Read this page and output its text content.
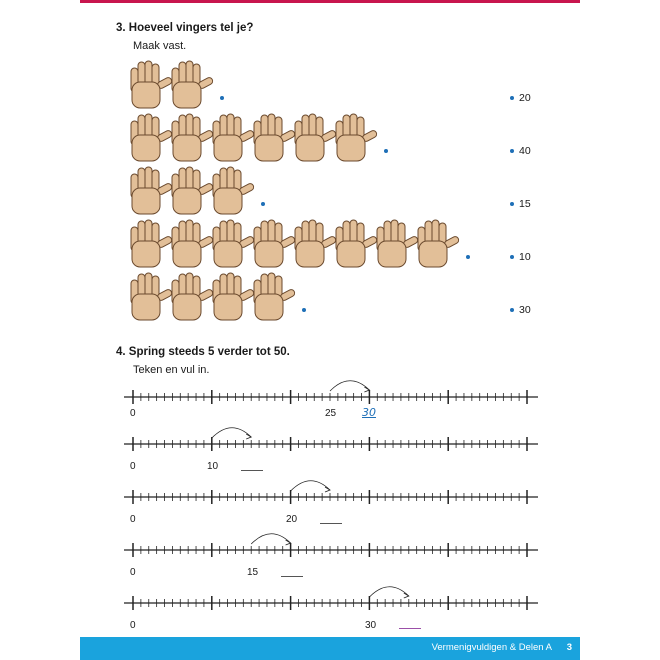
3. Hoeveel vingers tel je?
Maak vast.
20
40
15
10
30
4. Spring steeds 5 verder tot 50.
Teken en vul in.
0	25 30
0	10
0	20
0	15
0	30
Vermenigvuldigen & Delen A 3
